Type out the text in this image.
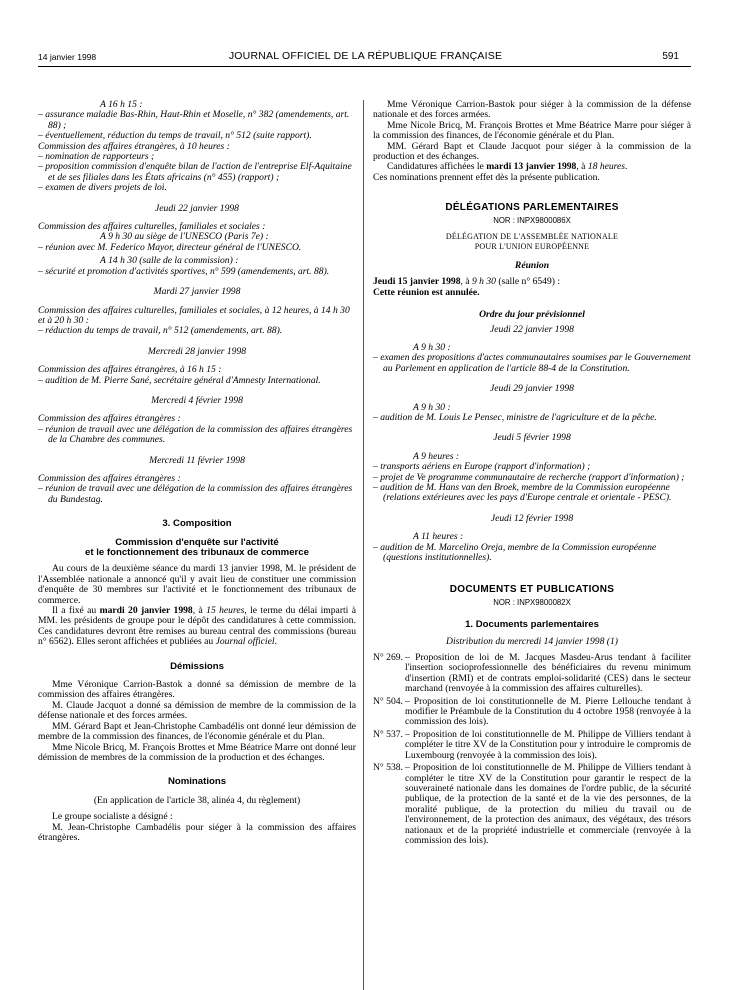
14 janvier 1998	JOURNAL OFFICIEL DE LA RÉPUBLIQUE FRANÇAISE	591

A 16 h 15 :

– assurance maladie Bas-Rhin, Haut-Rhin et Moselle, n° 382 (amendements, art. 88) ;

– éventuellement, réduction du temps de travail, n° 512 (suite rapport).

Commission des affaires étrangères, à 10 heures :

– nomination de rapporteurs ;

– proposition commission d'enquête bilan de l'action de l'entreprise Elf-Aquitaine et de ses filiales dans les États africains (n° 455) (rapport) ;

– examen de divers projets de loi.

Jeudi 22 janvier 1998

Commission des affaires culturelles, familiales et sociales :

A 9 h 30 au siège de l'UNESCO (Paris 7e) :

– réunion avec M. Federico Mayor, directeur général de l'UNESCO.

A 14 h 30 (salle de la commission) :

– sécurité et promotion d'activités sportives, n° 599 (amendements, art. 88).

Mardi 27 janvier 1998

Commission des affaires culturelles, familiales et sociales, à 12 heures, à 14 h 30 et à 20 h 30 :

– réduction du temps de travail, n° 512 (amendements, art. 88).

Mercredi 28 janvier 1998

Commission des affaires étrangères, à 16 h 15 :

– audition de M. Pierre Sané, secrétaire général d'Amnesty International.

Mercredi 4 février 1998

Commission des affaires étrangères :

– réunion de travail avec une délégation de la commission des affaires étrangères de la Chambre des communes.

Mercredi 11 février 1998

Commission des affaires étrangères :

– réunion de travail avec une délégation de la commission des affaires étrangères du Bundestag.

3. Composition

Commission d'enquête sur l'activité

et le fonctionnement des tribunaux de commerce

Au cours de la deuxième séance du mardi 13 janvier 1998, M. le président de l'Assemblée nationale a annoncé qu'il y avait lieu de constituer une commission d'enquête de 30 membres sur l'activité et le fonctionnement des tribunaux de commerce.

Il a fixé au mardi 20 janvier 1998, à 15 heures, le terme du délai imparti à MM. les présidents de groupe pour le dépôt des candidatures à cette commission. Ces candidatures devront être remises au bureau central des commissions (bureau n° 6562). Elles seront affichées et publiées au Journal officiel.

Démissions

Mme Véronique Carrion-Bastok a donné sa démission de membre de la commission des affaires étrangères.

M. Claude Jacquot a donné sa démission de membre de la commission de la défense nationale et des forces armées.

MM. Gérard Bapt et Jean-Christophe Cambadélis ont donné leur démission de membre de la commission des finances, de l'économie générale et du Plan.

Mme Nicole Bricq, M. François Brottes et Mme Béatrice Marre ont donné leur démission de membres de la commission de la production et des échanges.

Nominations

(En application de l'article 38, alinéa 4, du règlement)

Le groupe socialiste a désigné :

M. Jean-Christophe Cambadélis pour siéger à la commission des affaires étrangères.

Mme Véronique Carrion-Bastok pour siéger à la commission de la défense nationale et des forces armées.

Mme Nicole Bricq, M. François Brottes et Mme Béatrice Marre pour siéger à la commission des finances, de l'économie générale et du Plan.

MM. Gérard Bapt et Claude Jacquot pour siéger à la commission de la production et des échanges.

Candidatures affichées le mardi 13 janvier 1998, à 18 heures.

Ces nominations prennent effet dès la présente publication.

DÉLÉGATIONS PARLEMENTAIRES

NOR : INPX9800086X

DÉLÉGATION DE L'ASSEMBLÉE NATIONALE

POUR L'UNION EUROPÉENNE

Réunion

Jeudi 15 janvier 1998, à 9 h 30 (salle n° 6549) :

Cette réunion est annulée.

Ordre du jour prévisionnel

Jeudi 22 janvier 1998

A 9 h 30 :

– examen des propositions d'actes communautaires soumises par le Gouvernement au Parlement en application de l'article 88-4 de la Constitution.

Jeudi 29 janvier 1998

A 9 h 30 :

– audition de M. Louis Le Pensec, ministre de l'agriculture et de la pêche.

Jeudi 5 février 1998

A 9 heures :

– transports aériens en Europe (rapport d'information) ;

– projet de Ve programme communautaire de recherche (rapport d'information) ;

– audition de M. Hans van den Broek, membre de la Commission européenne (relations extérieures avec les pays d'Europe centrale et orientale - PESC).

Jeudi 12 février 1998

A 11 heures :

– audition de M. Marcelino Oreja, membre de la Commission européenne (questions institutionnelles).

DOCUMENTS ET PUBLICATIONS

NOR : INPX9800082X

1. Documents parlementaires

Distribution du mercredi 14 janvier 1998 (1)

N° 269. – Proposition de loi de M. Jacques Masdeu-Arus tendant à faciliter l'insertion socioprofessionnelle des bénéficiaires du revenu minimum d'insertion (RMI) et de contrats emploi-solidarité (CES) dans le secteur marchand (renvoyée à la commission des affaires culturelles).
N° 504. – Proposition de loi constitutionnelle de M. Pierre Lellouche tendant à modifier le Préambule de la Constitution du 4 octobre 1958 (renvoyée à la commission des lois).
N° 537. – Proposition de loi constitutionnelle de M. Philippe de Villiers tendant à compléter le titre XV de la Constitution pour y introduire le compromis de Luxembourg (renvoyée à la commission des lois).
N° 538. – Proposition de loi constitutionnelle de M. Philippe de Villiers tendant à compléter le titre XV de la Constitution pour garantir le respect de la souveraineté nationale dans les domaines de l'ordre public, de la sécurité publique, de la protection de la santé et de la vie des personnes, de la moralité publique, de la protection du milieu du travail ou de l'environnement, de la protection des animaux, des végétaux, des trésors nationaux et de la propriété industrielle et commerciale (renvoyée à la commission des lois).
